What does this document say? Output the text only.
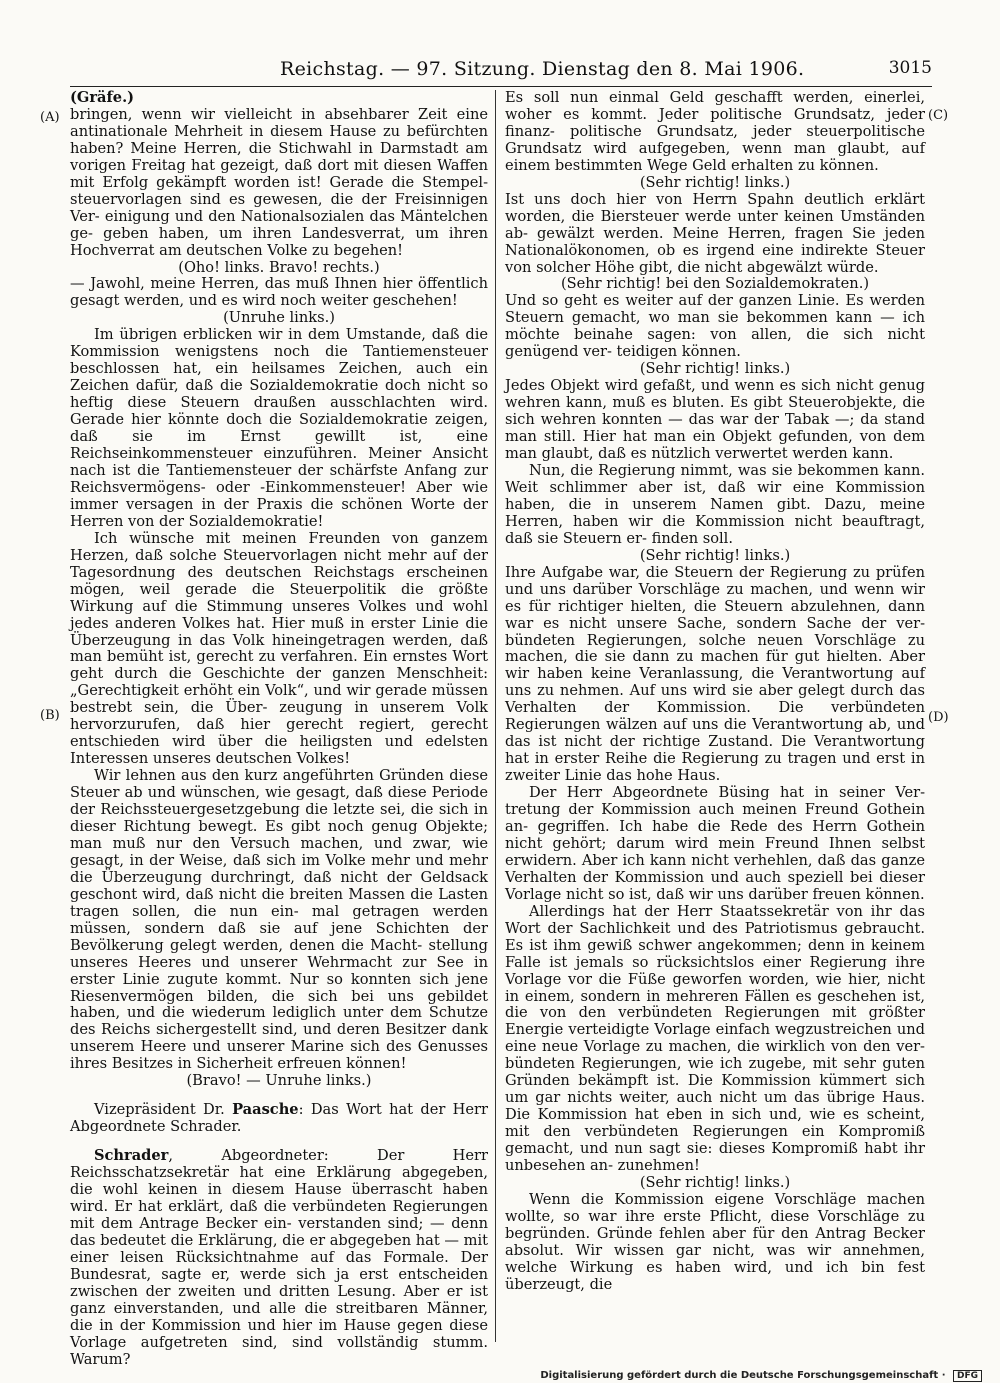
Reichstag. — 97. Sitzung. Dienstag den 8. Mai 1906.	3015
(A)
(B)
(C)
(D)

(Gräfe.)

bringen, wenn wir vielleicht in absehbarer Zeit eine antinationale Mehrheit in diesem Hause zu befürchten haben? Meine Herren, die Stichwahl in Darmstadt am vorigen Freitag hat gezeigt, daß dort mit diesen Waffen mit Erfolg gekämpft worden ist! Gerade die Stempel- steuervorlagen sind es gewesen, die der Freisinnigen Ver- einigung und den Nationalsozialen das Mäntelchen ge- geben haben, um ihren Landesverrat, um ihren Hochverrat am deutschen Volke zu begehen!

(Oho! links. Bravo! rechts.)

— Jawohl, meine Herren, das muß Ihnen hier öffentlich gesagt werden, und es wird noch weiter geschehen!

(Unruhe links.)

Im übrigen erblicken wir in dem Umstande, daß die Kommission wenigstens noch die Tantiemensteuer beschlossen hat, ein heilsames Zeichen, auch ein Zeichen dafür, daß die Sozialdemokratie doch nicht so heftig diese Steuern draußen ausschlachten wird. Gerade hier könnte doch die Sozialdemokratie zeigen, daß sie im Ernst gewillt ist, eine Reichseinkommensteuer einzuführen. Meiner Ansicht nach ist die Tantiemensteuer der schärfste Anfang zur Reichsvermögens- oder -Einkommensteuer! Aber wie immer versagen in der Praxis die schönen Worte der Herren von der Sozialdemokratie!

Ich wünsche mit meinen Freunden von ganzem Herzen, daß solche Steuervorlagen nicht mehr auf der Tagesordnung des deutschen Reichstags erscheinen mögen, weil gerade die Steuerpolitik die größte Wirkung auf die Stimmung unseres Volkes und wohl jedes anderen Volkes hat. Hier muß in erster Linie die Überzeugung in das Volk hineingetragen werden, daß man bemüht ist, gerecht zu verfahren. Ein ernstes Wort geht durch die Geschichte der ganzen Menschheit: „Gerechtigkeit erhöht ein Volk“, und wir gerade müssen bestrebt sein, die Über- zeugung in unserem Volk hervorzurufen, daß hier gerecht regiert, gerecht entschieden wird über die heiligsten und edelsten Interessen unseres deutschen Volkes!

Wir lehnen aus den kurz angeführten Gründen diese Steuer ab und wünschen, wie gesagt, daß diese Periode der Reichssteuergesetzgebung die letzte sei, die sich in dieser Richtung bewegt. Es gibt noch genug Objekte; man muß nur den Versuch machen, und zwar, wie gesagt, in der Weise, daß sich im Volke mehr und mehr die Überzeugung durchringt, daß nicht der Geldsack geschont wird, daß nicht die breiten Massen die Lasten tragen sollen, die nun ein- mal getragen werden müssen, sondern daß sie auf jene Schichten der Bevölkerung gelegt werden, denen die Macht- stellung unseres Heeres und unserer Wehrmacht zur See in erster Linie zugute kommt. Nur so konnten sich jene Riesenvermögen bilden, die sich bei uns gebildet haben, und die wiederum lediglich unter dem Schutze des Reichs sichergestellt sind, und deren Besitzer dank unserem Heere und unserer Marine sich des Genusses ihres Besitzes in Sicherheit erfreuen können!

(Bravo! — Unruhe links.)

Vizepräsident Dr. Paasche: Das Wort hat der Herr Abgeordnete Schrader.

Schrader, Abgeordneter: Der Herr Reichsschatzsekretär hat eine Erklärung abgegeben, die wohl keinen in diesem Hause überrascht haben wird. Er hat erklärt, daß die verbündeten Regierungen mit dem Antrage Becker ein- verstanden sind; — denn das bedeutet die Erklärung, die er abgegeben hat — mit einer leisen Rücksichtnahme auf das Formale. Der Bundesrat, sagte er, werde sich ja erst entscheiden zwischen der zweiten und dritten Lesung. Aber er ist ganz einverstanden, und alle die streitbaren Männer, die in der Kommission und hier im Hause gegen diese Vorlage aufgetreten sind, sind vollständig stumm. Warum?

Es soll nun einmal Geld geschafft werden, einerlei, woher es kommt. Jeder politische Grundsatz, jeder finanz- politische Grundsatz, jeder steuerpolitische Grundsatz wird aufgegeben, wenn man glaubt, auf einem bestimmten Wege Geld erhalten zu können.

(Sehr richtig! links.)

Ist uns doch hier von Herrn Spahn deutlich erklärt worden, die Biersteuer werde unter keinen Umständen ab- gewälzt werden. Meine Herren, fragen Sie jeden Nationalökonomen, ob es irgend eine indirekte Steuer von solcher Höhe gibt, die nicht abgewälzt würde.

(Sehr richtig! bei den Sozialdemokraten.)

Und so geht es weiter auf der ganzen Linie. Es werden Steuern gemacht, wo man sie bekommen kann — ich möchte beinahe sagen: von allen, die sich nicht genügend ver- teidigen können.

(Sehr richtig! links.)

Jedes Objekt wird gefaßt, und wenn es sich nicht genug wehren kann, muß es bluten. Es gibt Steuerobjekte, die sich wehren konnten — das war der Tabak —; da stand man still. Hier hat man ein Objekt gefunden, von dem man glaubt, daß es nützlich verwertet werden kann.

Nun, die Regierung nimmt, was sie bekommen kann. Weit schlimmer aber ist, daß wir eine Kommission haben, die in unserem Namen gibt. Dazu, meine Herren, haben wir die Kommission nicht beauftragt, daß sie Steuern er- finden soll.

(Sehr richtig! links.)

Ihre Aufgabe war, die Steuern der Regierung zu prüfen und uns darüber Vorschläge zu machen, und wenn wir es für richtiger hielten, die Steuern abzulehnen, dann war es nicht unsere Sache, sondern Sache der ver- bündeten Regierungen, solche neuen Vorschläge zu machen, die sie dann zu machen für gut hielten. Aber wir haben keine Veranlassung, die Verantwortung auf uns zu nehmen. Auf uns wird sie aber gelegt durch das Verhalten der Kommission. Die verbündeten Regierungen wälzen auf uns die Verantwortung ab, und das ist nicht der richtige Zustand. Die Verantwortung hat in erster Reihe die Regierung zu tragen und erst in zweiter Linie das hohe Haus.

Der Herr Abgeordnete Büsing hat in seiner Ver- tretung der Kommission auch meinen Freund Gothein an- gegriffen. Ich habe die Rede des Herrn Gothein nicht gehört; darum wird mein Freund Ihnen selbst erwidern. Aber ich kann nicht verhehlen, daß das ganze Verhalten der Kommission und auch speziell bei dieser Vorlage nicht so ist, daß wir uns darüber freuen können.

Allerdings hat der Herr Staatssekretär von ihr das Wort der Sachlichkeit und des Patriotismus gebraucht. Es ist ihm gewiß schwer angekommen; denn in keinem Falle ist jemals so rücksichtslos einer Regierung ihre Vorlage vor die Füße geworfen worden, wie hier, nicht in einem, sondern in mehreren Fällen es geschehen ist, die von den verbündeten Regierungen mit größter Energie verteidigte Vorlage einfach wegzustreichen und eine neue Vorlage zu machen, die wirklich von den ver- bündeten Regierungen, wie ich zugebe, mit sehr guten Gründen bekämpft ist. Die Kommission kümmert sich um gar nichts weiter, auch nicht um das übrige Haus. Die Kommission hat eben in sich und, wie es scheint, mit den verbündeten Regierungen ein Kompromiß gemacht, und nun sagt sie: dieses Kompromiß habt ihr unbesehen an- zunehmen!

(Sehr richtig! links.)

Wenn die Kommission eigene Vorschläge machen wollte, so war ihre erste Pflicht, diese Vorschläge zu begründen. Gründe fehlen aber für den Antrag Becker absolut. Wir wissen gar nicht, was wir annehmen, welche Wirkung es haben wird, und ich bin fest überzeugt, die

Digitalisierung gefördert durch die Deutsche Forschungsgemeinschaft · DFG
